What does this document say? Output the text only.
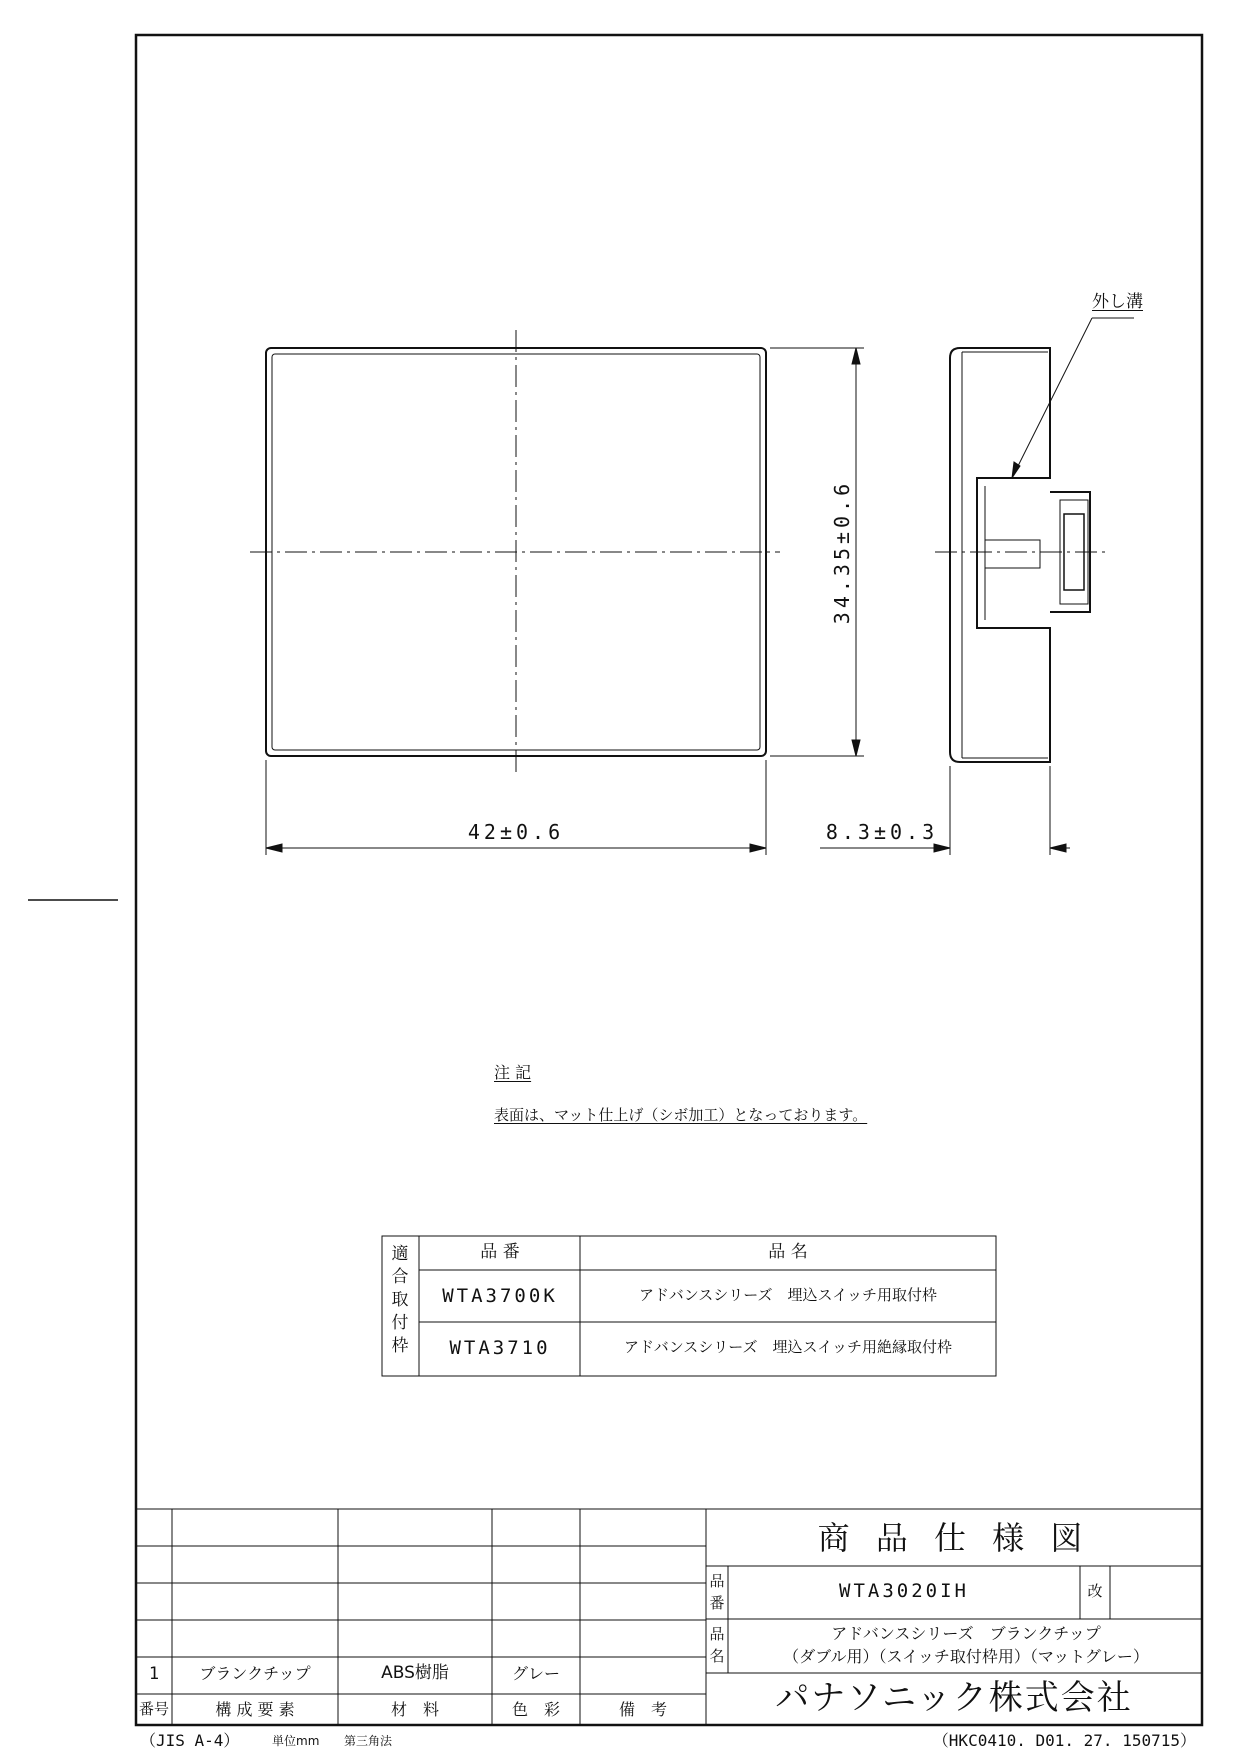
外し溝
42±0.6
34.35±0.6
8.3±0.3
注 記
表面は、マット仕上げ（シボ加工）となっております。
適
合
取
付
枠
品 番	品 名
WTA3700K	アドバンスシリーズ　埋込スイッチ用取付枠
WTA3710	アドバンスシリーズ　埋込スイッチ用絶縁取付枠
1	ブランクチップ	ABS樹脂	グレー
番号	構 成 要 素	材　料	色　彩	備　考
商 品 仕 様 図
品
番
WTA3020IH	改
品
名
アドバンスシリーズ　ブランクチップ
（ダブル用）（スイッチ取付枠用）（マットグレー）
パナソニック株式会社
（JIS A-4）	単位mm 第三角法	（HKC0410. D01. 27. 150715）
